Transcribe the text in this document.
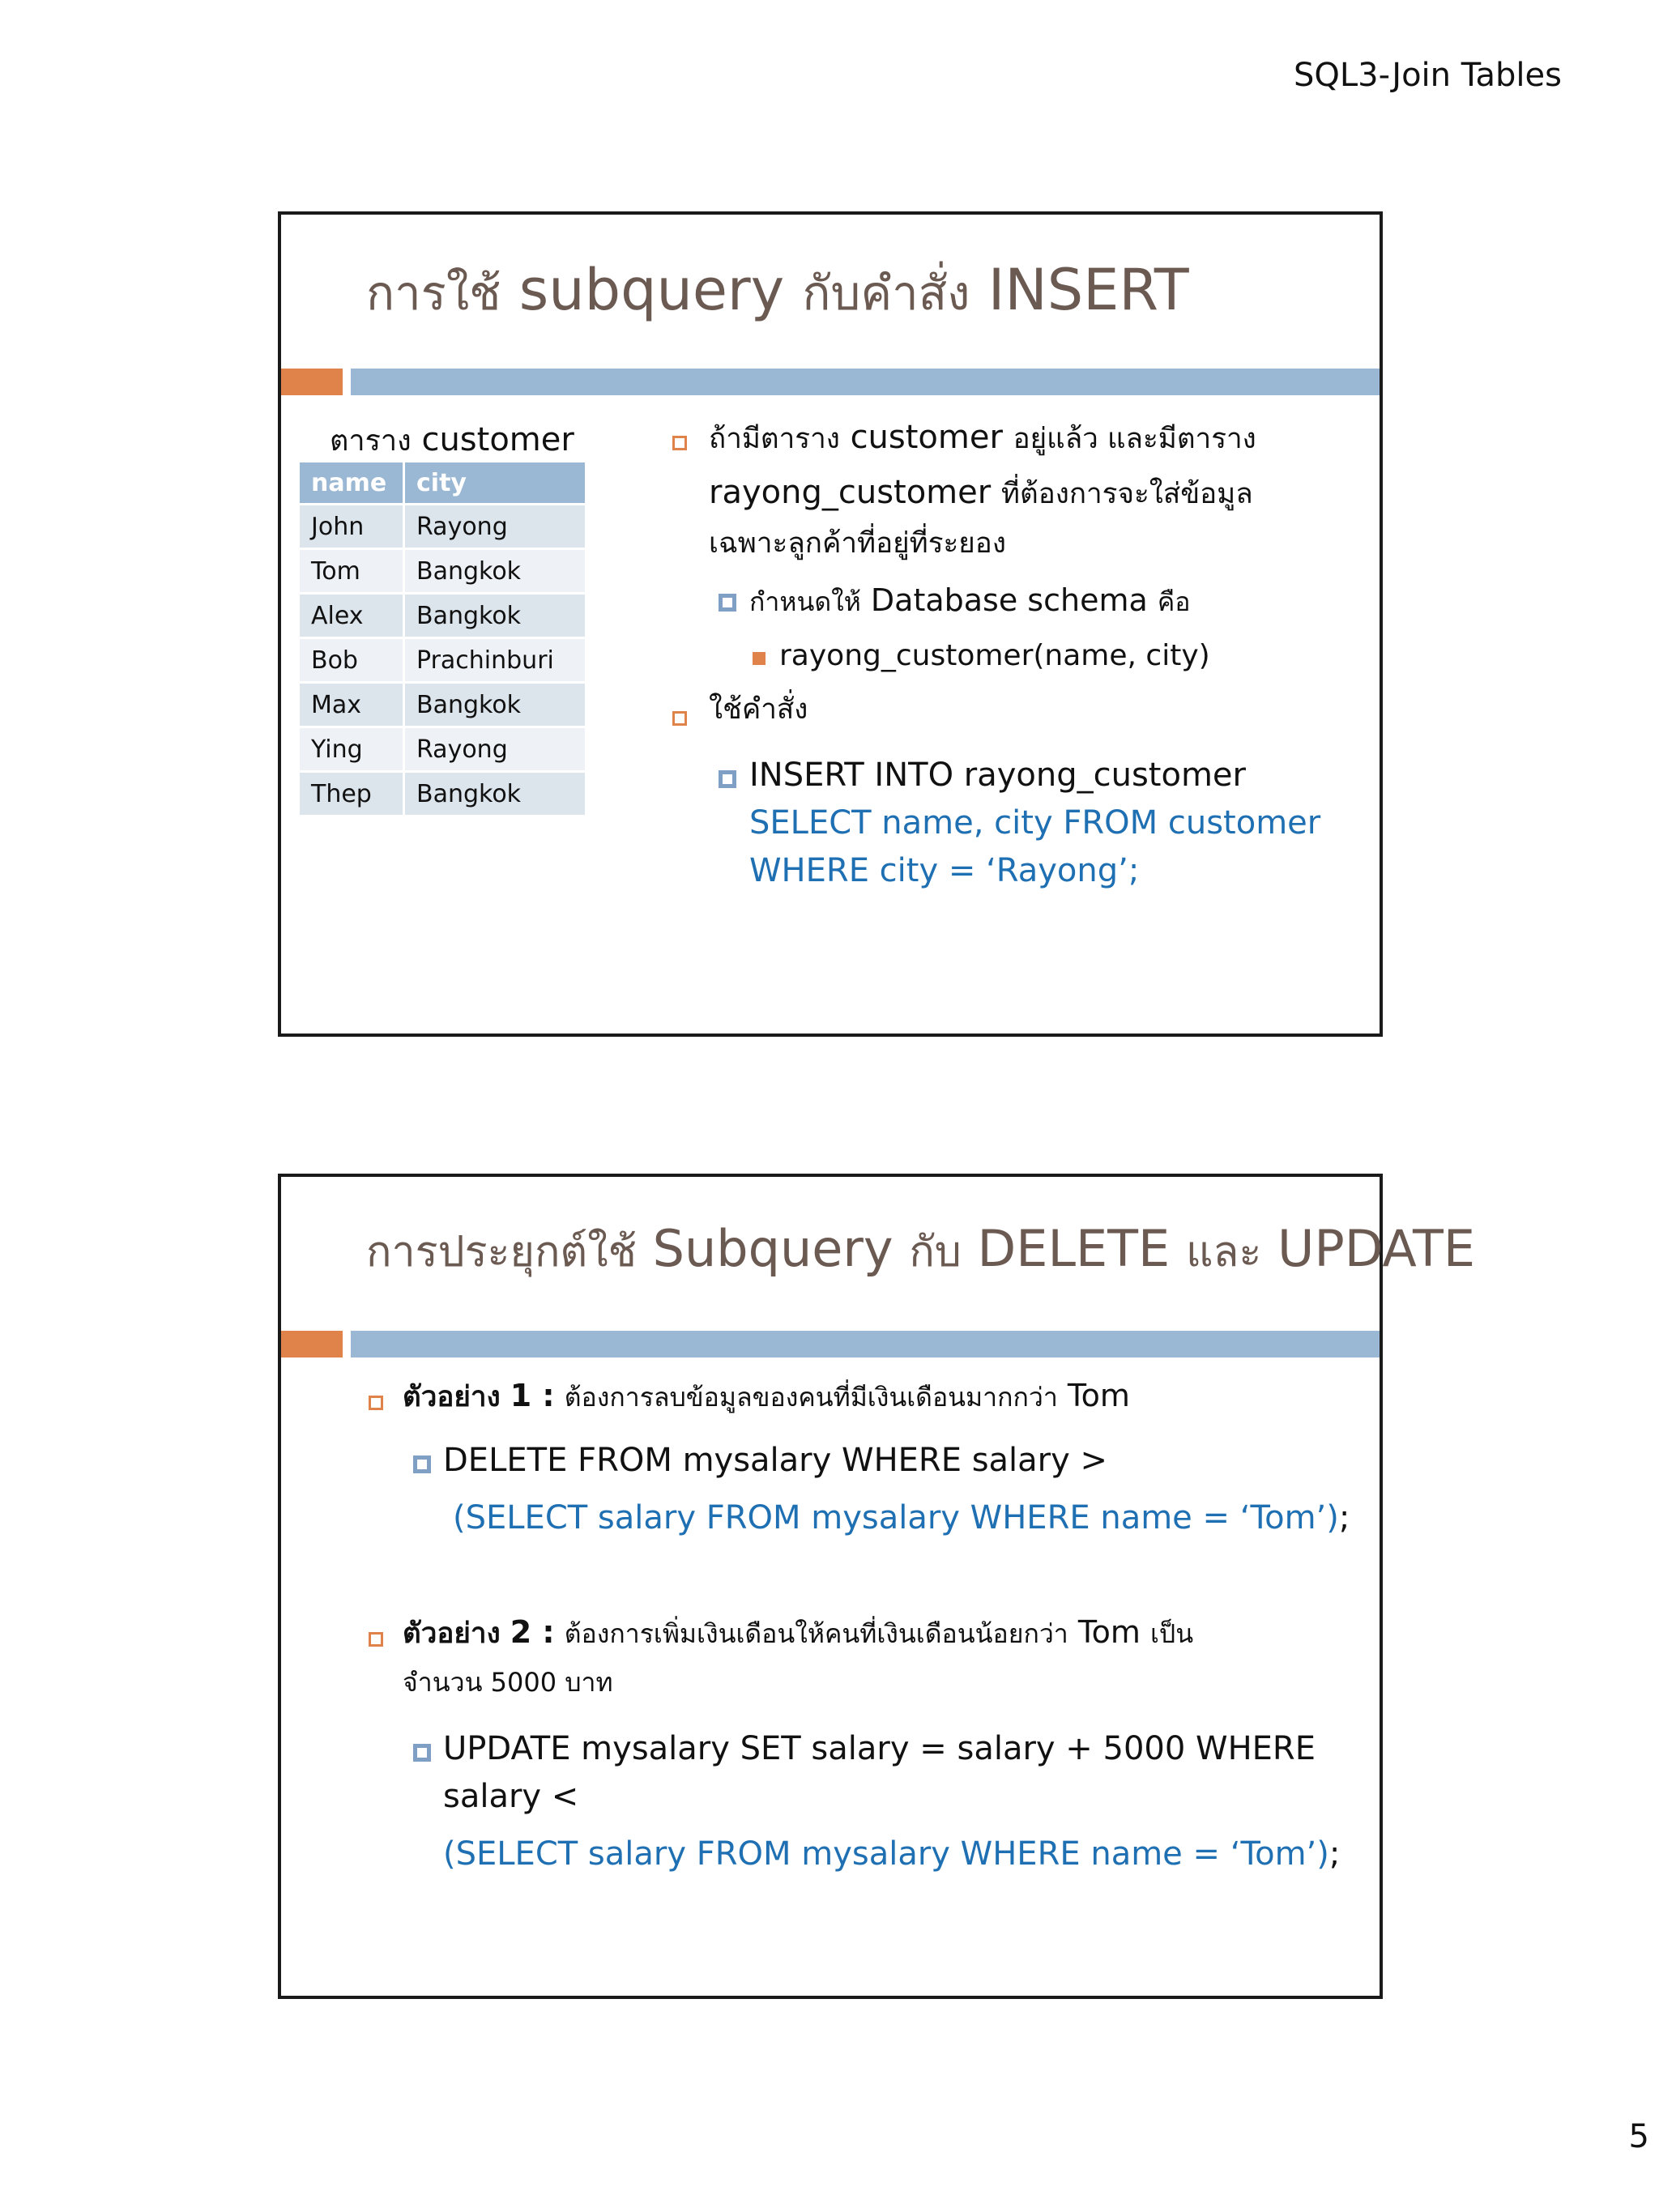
SQL3-Join Tables
การใช้ subquery กับคำสั่ง INSERT
ตาราง customer
name	city
John	Rayong
Tom	Bangkok
Alex	Bangkok
Bob	Prachinburi
Max	Bangkok
Ying	Rayong
Thep	Bangkok
ถ้ามีตาราง customer อยู่แล้ว และมีตาราง
rayong_customer ที่ต้องการจะใส่ข้อมูล
เฉพาะลูกค้าที่อยู่ที่ระยอง
กำหนดให้ Database schema คือ
rayong_customer(name, city)
ใช้คำสั่ง
INSERT INTO rayong_customer
SELECT name, city FROM customer
WHERE city = ‘Rayong’;
การประยุกต์ใช้ Subquery กับ DELETE และ UPDATE
ตัวอย่าง 1 : ต้องการลบข้อมูลของคนที่มีเงินเดือนมากกว่า Tom
DELETE FROM mysalary WHERE salary >
(SELECT salary FROM mysalary WHERE name = ‘Tom’);
ตัวอย่าง 2 : ต้องการเพิ่มเงินเดือนให้คนที่เงินเดือนน้อยกว่า Tom เป็น
จำนวน 5000 บาท
UPDATE mysalary SET salary = salary + 5000 WHERE
salary <
(SELECT salary FROM mysalary WHERE name = ‘Tom’);
5
